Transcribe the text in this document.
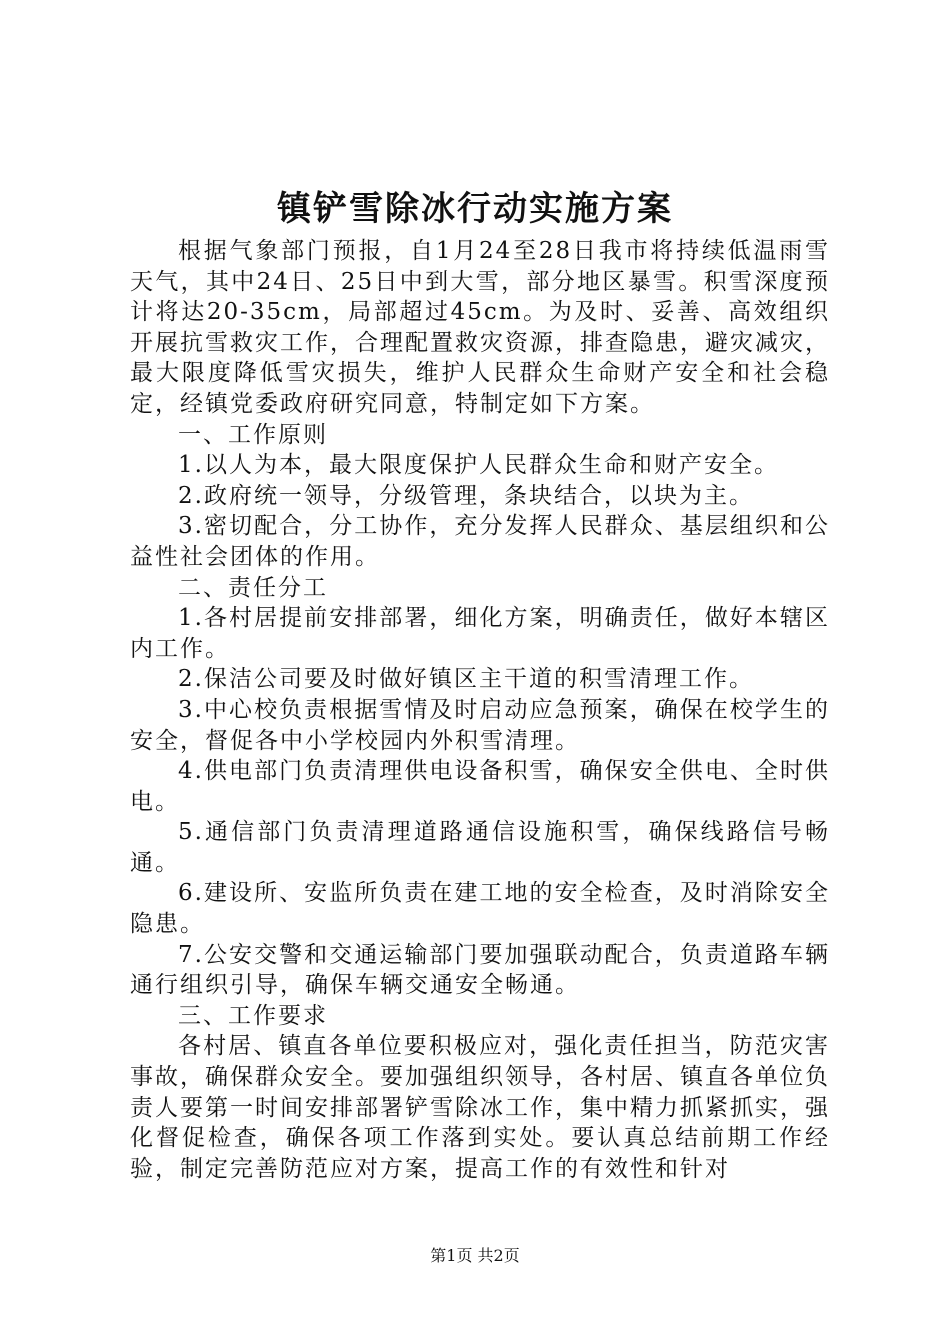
镇铲雪除冰行动实施方案

根据气象部门预报，自1月24至28日我市将持续低温雨雪天气，其中24日、25日中到大雪，部分地区暴雪。积雪深度预计将达20-35cm，局部超过45cm。为及时、妥善、高效组织开展抗雪救灾工作，合理配置救灾资源，排查隐患，避灾减灾，最大限度降低雪灾损失，维护人民群众生命财产安全和社会稳定，经镇党委政府研究同意，特制定如下方案。

一、工作原则

1.以人为本，最大限度保护人民群众生命和财产安全。

2.政府统一领导，分级管理，条块结合，以块为主。

3.密切配合，分工协作，充分发挥人民群众、基层组织和公益性社会团体的作用。

二、责任分工

1.各村居提前安排部署，细化方案，明确责任，做好本辖区内工作。

2.保洁公司要及时做好镇区主干道的积雪清理工作。

3.中心校负责根据雪情及时启动应急预案，确保在校学生的安全，督促各中小学校园内外积雪清理。

4.供电部门负责清理供电设备积雪，确保安全供电、全时供电。

5.通信部门负责清理道路通信设施积雪，确保线路信号畅通。

6.建设所、安监所负责在建工地的安全检查，及时消除安全隐患。

7.公安交警和交通运输部门要加强联动配合，负责道路车辆通行组织引导，确保车辆交通安全畅通。

三、工作要求

各村居、镇直各单位要积极应对，强化责任担当，防范灾害事故，确保群众安全。要加强组织领导，各村居、镇直各单位负责人要第一时间安排部署铲雪除冰工作，集中精力抓紧抓实，强化督促检查，确保各项工作落到实处。要认真总结前期工作经验，制定完善防范应对方案，提高工作的有效性和针对

第1页 共2页
